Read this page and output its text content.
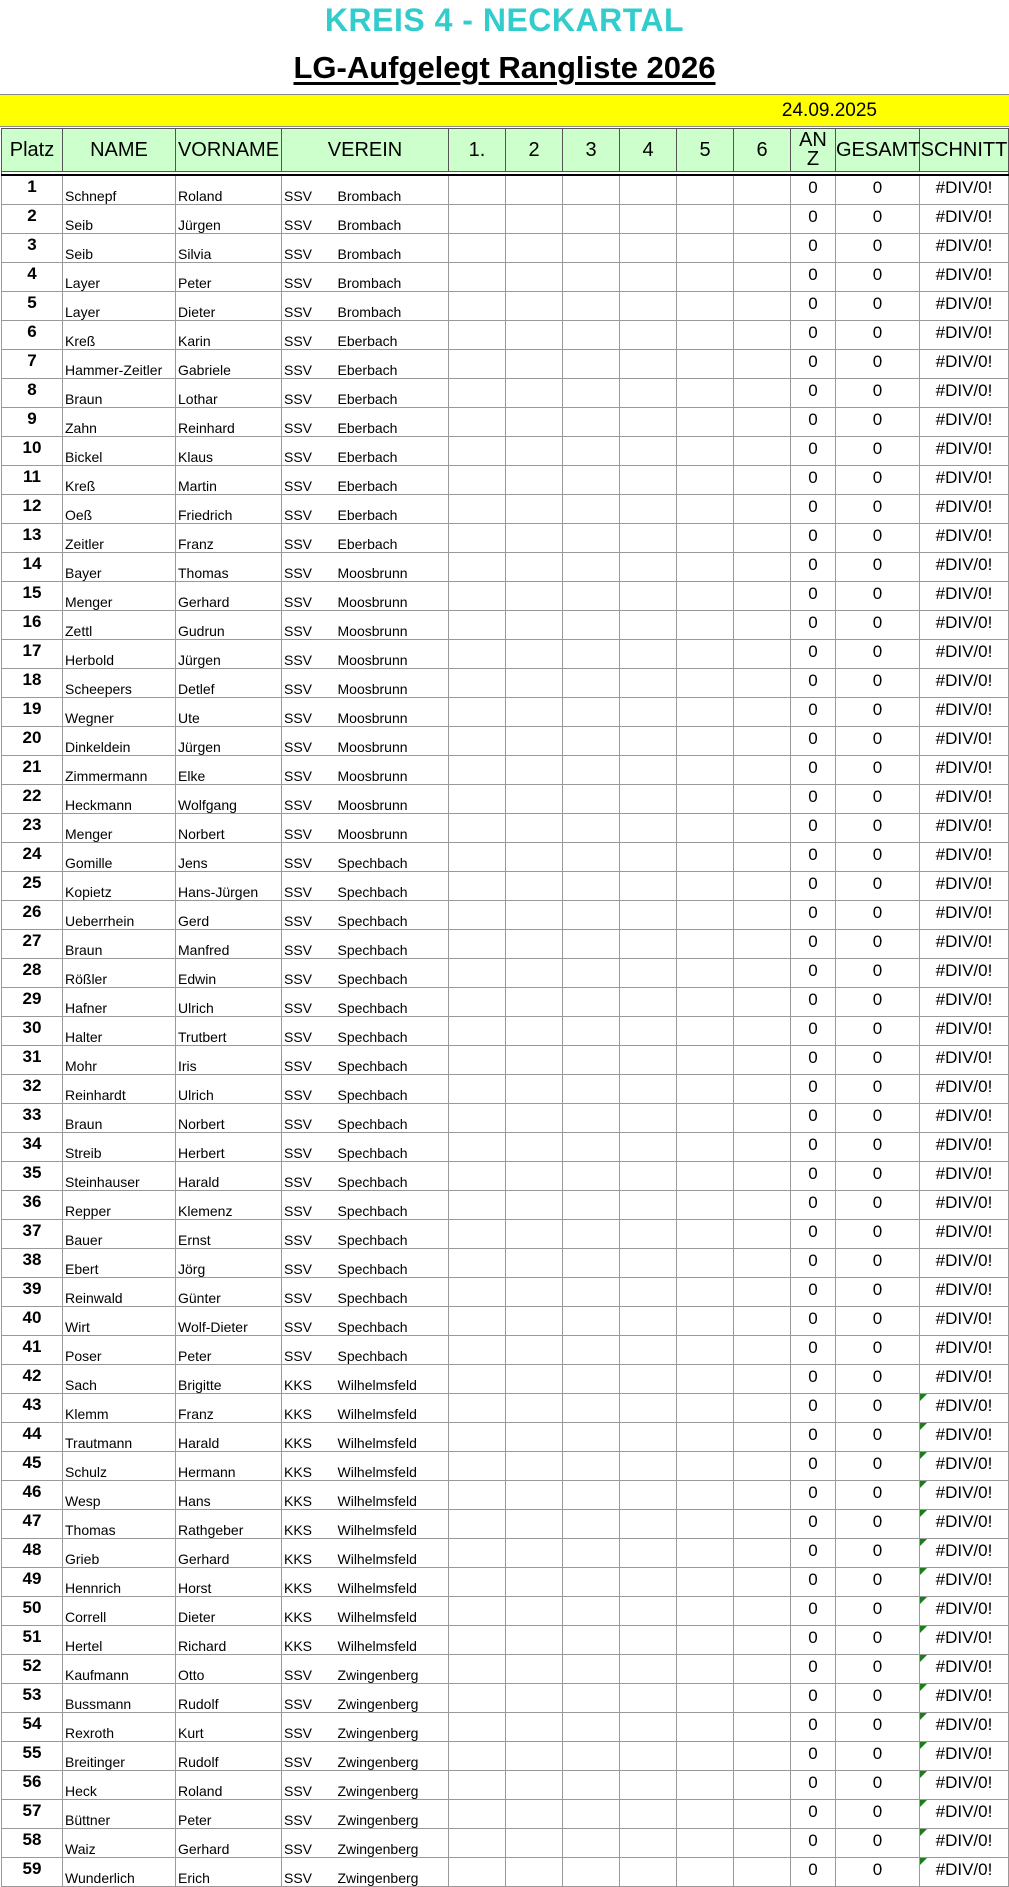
KREIS 4 - NECKARTAL
LG-Aufgelegt Rangliste 2026
24.09.2025
Platz	NAME	VORNAME	VEREIN		1.	2	3	4	5	6	AN Z	GESAMT	SCHNITT

1	Schnepf	Roland	SSV	Brombach							0	0	#DIV/0!
2	Seib	Jürgen	SSV	Brombach							0	0	#DIV/0!
3	Seib	Silvia	SSV	Brombach							0	0	#DIV/0!
4	Layer	Peter	SSV	Brombach							0	0	#DIV/0!
5	Layer	Dieter	SSV	Brombach							0	0	#DIV/0!
6	Kreß	Karin	SSV	Eberbach							0	0	#DIV/0!
7	Hammer-Zeitler	Gabriele	SSV	Eberbach							0	0	#DIV/0!
8	Braun	Lothar	SSV	Eberbach							0	0	#DIV/0!
9	Zahn	Reinhard	SSV	Eberbach							0	0	#DIV/0!
10	Bickel	Klaus	SSV	Eberbach							0	0	#DIV/0!
11	Kreß	Martin	SSV	Eberbach							0	0	#DIV/0!
12	Oeß	Friedrich	SSV	Eberbach							0	0	#DIV/0!
13	Zeitler	Franz	SSV	Eberbach							0	0	#DIV/0!
14	Bayer	Thomas	SSV	Moosbrunn							0	0	#DIV/0!
15	Menger	Gerhard	SSV	Moosbrunn							0	0	#DIV/0!
16	Zettl	Gudrun	SSV	Moosbrunn							0	0	#DIV/0!
17	Herbold	Jürgen	SSV	Moosbrunn							0	0	#DIV/0!
18	Scheepers	Detlef	SSV	Moosbrunn							0	0	#DIV/0!
19	Wegner	Ute	SSV	Moosbrunn							0	0	#DIV/0!
20	Dinkeldein	Jürgen	SSV	Moosbrunn							0	0	#DIV/0!
21	Zimmermann	Elke	SSV	Moosbrunn							0	0	#DIV/0!
22	Heckmann	Wolfgang	SSV	Moosbrunn							0	0	#DIV/0!
23	Menger	Norbert	SSV	Moosbrunn							0	0	#DIV/0!
24	Gomille	Jens	SSV	Spechbach							0	0	#DIV/0!
25	Kopietz	Hans-Jürgen	SSV	Spechbach							0	0	#DIV/0!
26	Ueberrhein	Gerd	SSV	Spechbach							0	0	#DIV/0!
27	Braun	Manfred	SSV	Spechbach							0	0	#DIV/0!
28	Rößler	Edwin	SSV	Spechbach							0	0	#DIV/0!
29	Hafner	Ulrich	SSV	Spechbach							0	0	#DIV/0!
30	Halter	Trutbert	SSV	Spechbach							0	0	#DIV/0!
31	Mohr	Iris	SSV	Spechbach							0	0	#DIV/0!
32	Reinhardt	Ulrich	SSV	Spechbach							0	0	#DIV/0!
33	Braun	Norbert	SSV	Spechbach							0	0	#DIV/0!
34	Streib	Herbert	SSV	Spechbach							0	0	#DIV/0!
35	Steinhauser	Harald	SSV	Spechbach							0	0	#DIV/0!
36	Repper	Klemenz	SSV	Spechbach							0	0	#DIV/0!
37	Bauer	Ernst	SSV	Spechbach							0	0	#DIV/0!
38	Ebert	Jörg	SSV	Spechbach							0	0	#DIV/0!
39	Reinwald	Günter	SSV	Spechbach							0	0	#DIV/0!
40	Wirt	Wolf-Dieter	SSV	Spechbach							0	0	#DIV/0!
41	Poser	Peter	SSV	Spechbach							0	0	#DIV/0!
42	Sach	Brigitte	KKS	Wilhelmsfeld							0	0	#DIV/0!
43	Klemm	Franz	KKS	Wilhelmsfeld							0	0	#DIV/0!
44	Trautmann	Harald	KKS	Wilhelmsfeld							0	0	#DIV/0!
45	Schulz	Hermann	KKS	Wilhelmsfeld							0	0	#DIV/0!
46	Wesp	Hans	KKS	Wilhelmsfeld							0	0	#DIV/0!
47	Thomas	Rathgeber	KKS	Wilhelmsfeld							0	0	#DIV/0!
48	Grieb	Gerhard	KKS	Wilhelmsfeld							0	0	#DIV/0!
49	Hennrich	Horst	KKS	Wilhelmsfeld							0	0	#DIV/0!
50	Correll	Dieter	KKS	Wilhelmsfeld							0	0	#DIV/0!
51	Hertel	Richard	KKS	Wilhelmsfeld							0	0	#DIV/0!
52	Kaufmann	Otto	SSV	Zwingenberg							0	0	#DIV/0!
53	Bussmann	Rudolf	SSV	Zwingenberg							0	0	#DIV/0!
54	Rexroth	Kurt	SSV	Zwingenberg							0	0	#DIV/0!
55	Breitinger	Rudolf	SSV	Zwingenberg							0	0	#DIV/0!
56	Heck	Roland	SSV	Zwingenberg							0	0	#DIV/0!
57	Büttner	Peter	SSV	Zwingenberg							0	0	#DIV/0!
58	Waiz	Gerhard	SSV	Zwingenberg							0	0	#DIV/0!
59	Wunderlich	Erich	SSV	Zwingenberg							0	0	#DIV/0!
